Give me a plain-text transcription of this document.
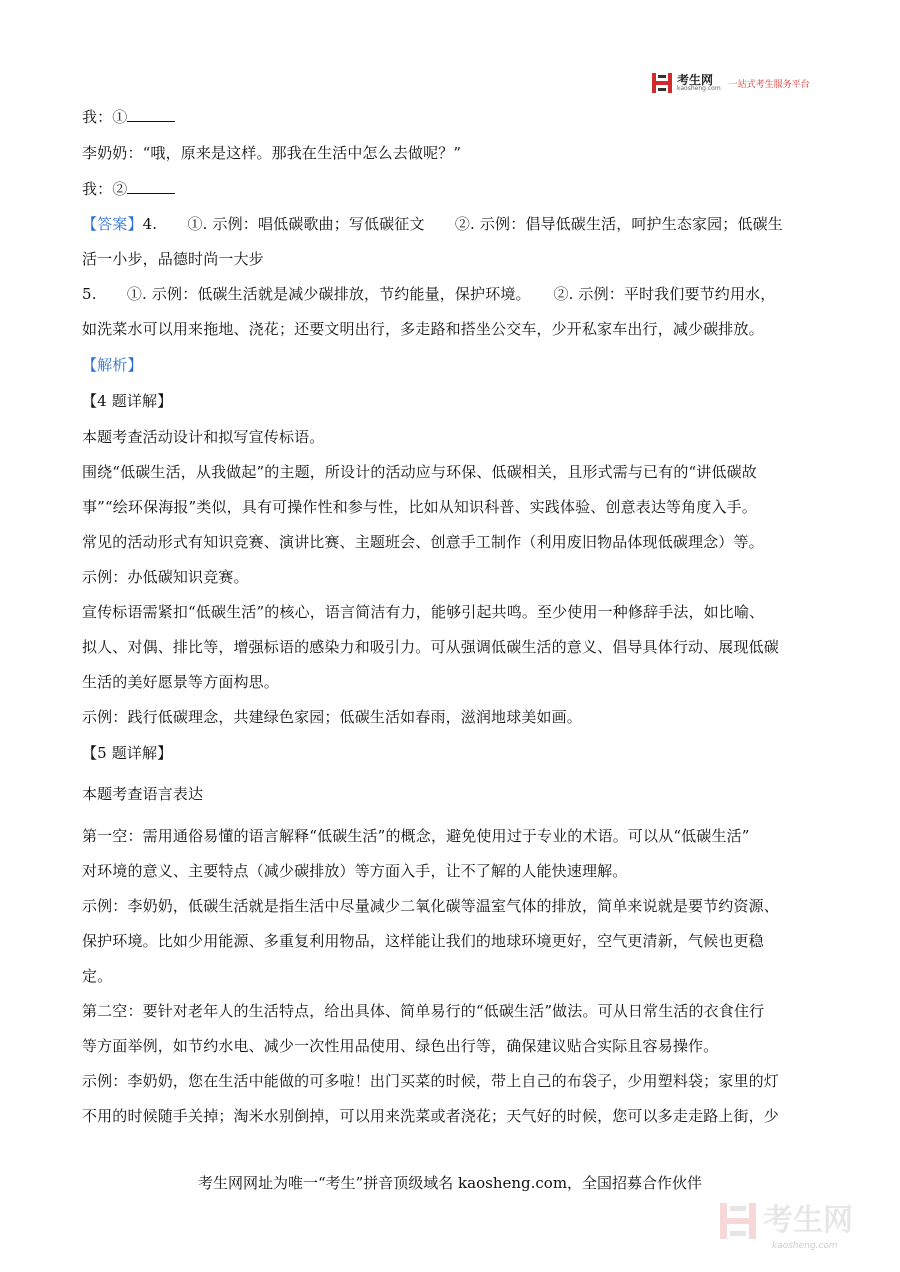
考生网
kaosheng.com 一站式考生服务平台
我：①
李奶奶：“哦，原来是这样。那我在生活中怎么去做呢？”
我：②
【答案】4.　　①. 示例：唱低碳歌曲；写低碳征文　　②. 示例：倡导低碳生活，呵护生态家园；低碳生
活一小步，品德时尚一大步
5.　　①. 示例：低碳生活就是减少碳排放，节约能量，保护环境。　　②. 示例：平时我们要节约用水，
如洗菜水可以用来拖地、浇花；还要文明出行，多走路和搭坐公交车，少开私家车出行，减少碳排放。
【解析】
【4 题详解】
本题考查活动设计和拟写宣传标语。
围绕“低碳生活，从我做起”的主题，所设计的活动应与环保、低碳相关，且形式需与已有的“讲低碳故
事”“绘环保海报”类似，具有可操作性和参与性，比如从知识科普、实践体验、创意表达等角度入手。
常见的活动形式有知识竞赛、演讲比赛、主题班会、创意手工制作（利用废旧物品体现低碳理念）等。
示例：办低碳知识竞赛。
宣传标语需紧扣“低碳生活”的核心，语言简洁有力，能够引起共鸣。至少使用一种修辞手法，如比喻、
拟人、对偶、排比等，增强标语的感染力和吸引力。可从强调低碳生活的意义、倡导具体行动、展现低碳
生活的美好愿景等方面构思。
示例：践行低碳理念，共建绿色家园；低碳生活如春雨，滋润地球美如画。
【5 题详解】
本题考查语言表达
第一空：需用通俗易懂的语言解释“低碳生活”的概念，避免使用过于专业的术语。可以从“低碳生活”
对环境的意义、主要特点（减少碳排放）等方面入手，让不了解的人能快速理解。
示例：李奶奶，低碳生活就是指生活中尽量减少二氧化碳等温室气体的排放，简单来说就是要节约资源、
保护环境。比如少用能源、多重复利用物品，这样能让我们的地球环境更好，空气更清新，气候也更稳
定。
第二空：要针对老年人的生活特点，给出具体、简单易行的“低碳生活”做法。可从日常生活的衣食住行
等方面举例，如节约水电、减少一次性用品使用、绿色出行等，确保建议贴合实际且容易操作。
示例：李奶奶，您在生活中能做的可多啦！出门买菜的时候，带上自己的布袋子，少用塑料袋；家里的灯
不用的时候随手关掉；淘米水别倒掉，可以用来洗菜或者浇花；天气好的时候，您可以多走走路上街，少
考生网网址为唯一“考生”拼音顶级域名 kaosheng.com，全国招募合作伙伴
考生网
kaosheng.com
